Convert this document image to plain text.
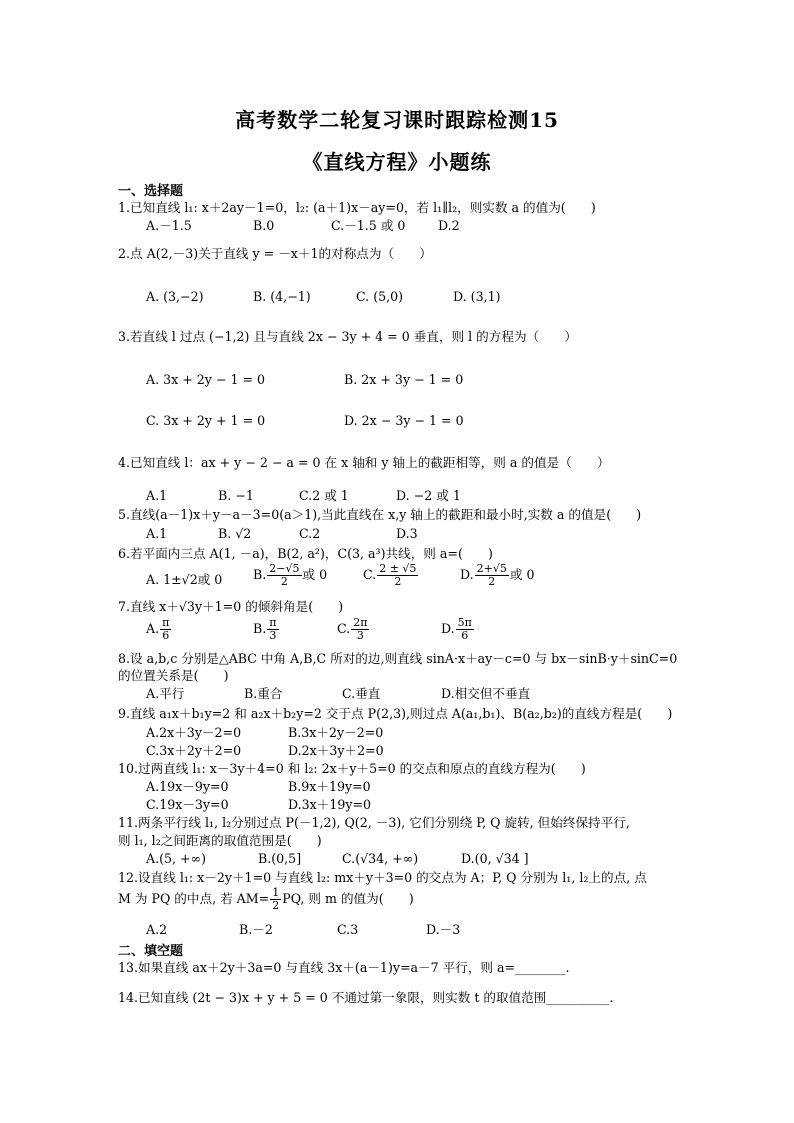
高考数学二轮复习课时跟踪检测15
《直线方程》小题练
一、选择题
1.已知直线 l₁: x＋2ay－1=0，l₂: (a＋1)x－ay=0，若 l₁∥l₂，则实数 a 的值为(　　)
A.－1.5	B.0	C.－1.5 或 0	D.2
2.点 A(2,－3)关于直线 y = －x＋1的对称点为（　　）
A. (3,−2)	B. (4,−1)	C. (5,0)	D. (3,1)
3.若直线 l 过点 (−1,2) 且与直线 2x − 3y + 4 = 0 垂直，则 l 的方程为（　　）
A. 3x + 2y − 1 = 0	B. 2x + 3y − 1 = 0
C. 3x + 2y + 1 = 0	D. 2x − 3y − 1 = 0
4.已知直线 l：ax + y − 2 − a = 0 在 x 轴和 y 轴上的截距相等，则 a 的值是（　　）
A.1	B. −1	C.2 或 1	D. −2 或 1
5.直线(a－1)x＋y－a－3=0(a＞1),当此直线在 x,y 轴上的截距和最小时,实数 a 的值是(　　)
A.1	B. √2	C.2	D.3
6.若平面内三点 A(1, －a)，B(2, a²)，C(3, a³)共线，则 a=(　　)
A. 1±√2或 0 B. $\frac{2-√5}{2}$ 或 0	C. $\frac{2 \pm √5}{2}$	D. $\frac{2+√5}{2}$ 或 0
7.直线 x＋√3y＋1=0 的倾斜角是(　　)
A. $\frac{\pi}{6}$	B. $\frac{\pi}{3}$	C. $\frac{2\pi}{3}$	D. $\frac{5\pi}{6}$
8.设 a,b,c 分别是△ABC 中角 A,B,C 所对的边,则直线 sinA·x＋ay－c=0 与 bx－sinB·y＋sinC=0
的位置关系是(　　)
A.平行	B.重合	C.垂直	D.相交但不垂直
9.直线 a₁x＋b₁y=2 和 a₂x＋b₂y=2 交于点 P(2,3),则过点 A(a₁,b₁)、B(a₂,b₂)的直线方程是(　　)
A.2x＋3y－2=0	B.3x＋2y－2=0
C.3x＋2y＋2=0	D.2x＋3y＋2=0
10.过两直线 l₁: x－3y＋4=0 和 l₂: 2x＋y＋5=0 的交点和原点的直线方程为(　　)
A.19x－9y=0	B.9x＋19y=0
C.19x－3y=0	D.3x＋19y=0
11.两条平行线 l₁, l₂分别过点 P(－1,2), Q(2, －3), 它们分别绕 P, Q 旋转, 但始终保持平行,
则 l₁, l₂之间距离的取值范围是(　　)
A.(5, +∞)	B.(0,5]	C.(√34, +∞)	D.(0, √34 ]
12.设直线 l₁: x－2y＋1=0 与直线 l₂: mx＋y＋3=0 的交点为 A；P, Q 分别为 l₁, l₂上的点, 点
M 为 PQ 的中点, 若 $AM= \frac{1}{2}$ PQ, 则 m 的值为(　　)
A.2	B.－2	C.3	D.－3
二、填空题
13.如果直线 ax＋2y＋3a=0 与直线 3x＋(a－1)y=a－7 平行，则 a=________.
14.已知直线 (2t − 3)x + y + 5 = 0 不通过第一象限，则实数 t 的取值范围__________.
